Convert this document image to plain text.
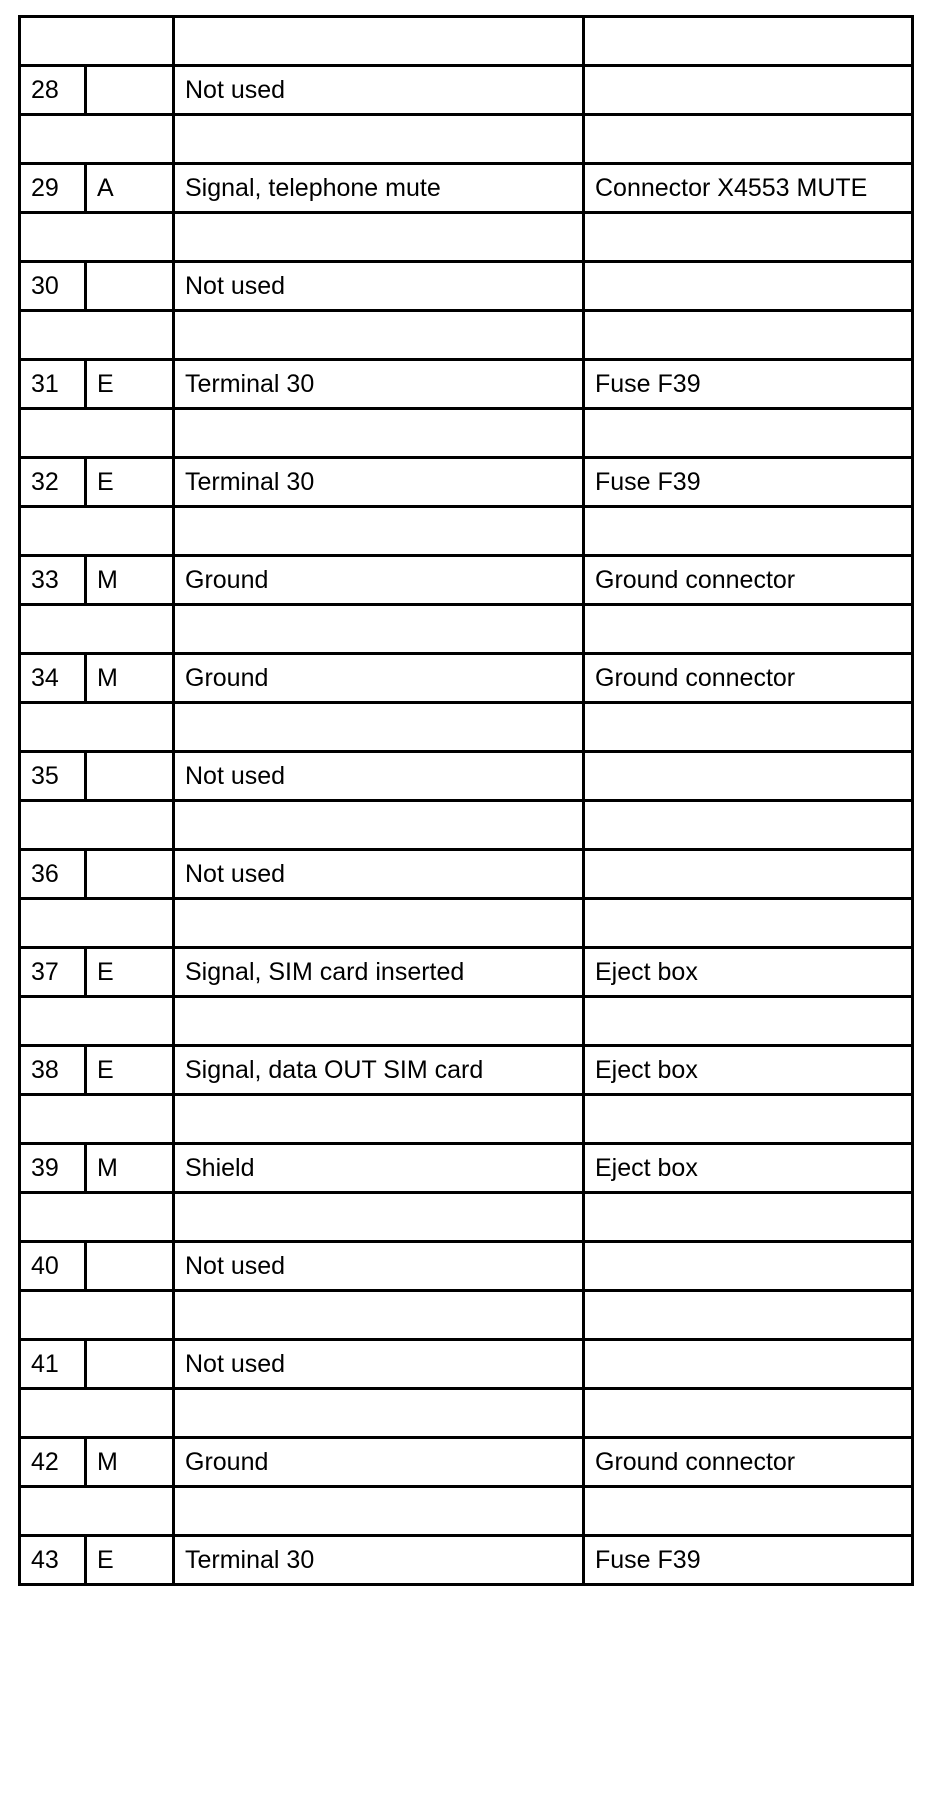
28		Not used	

29	A	Signal, telephone mute	Connector X4553 MUTE

30		Not used	

31	E	Terminal 30	Fuse F39

32	E	Terminal 30	Fuse F39

33	M	Ground	Ground connector

34	M	Ground	Ground connector

35		Not used	

36		Not used	

37	E	Signal, SIM card inserted	Eject box

38	E	Signal, data OUT SIM card	Eject box

39	M	Shield	Eject box

40		Not used	

41		Not used	

42	M	Ground	Ground connector

43	E	Terminal 30	Fuse F39
